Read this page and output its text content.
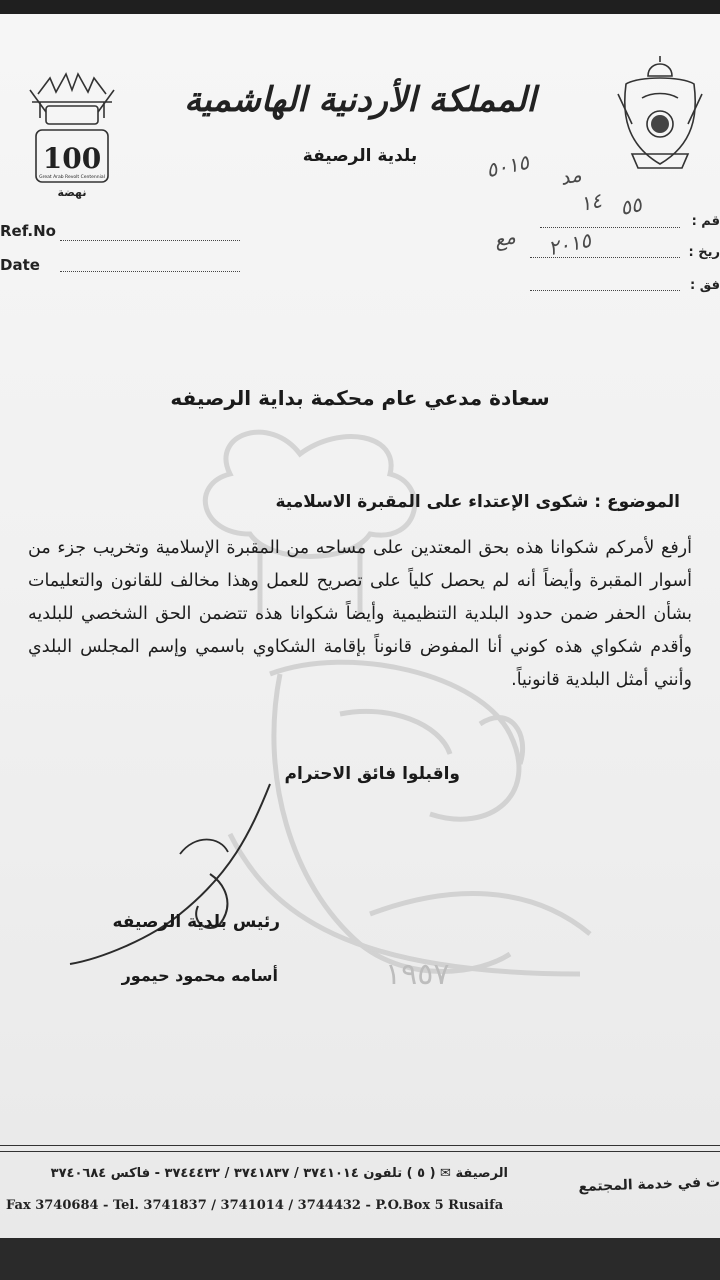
١٩٥٧
100
Great Arab Revolt Centennial
نهضة
المملكة الأردنية الهاشمية
بلدية الرصيفة
Ref.No
Date
قم :
ريخ :
فق :
٥٠١٥ مد
٥٥
١٤
٢٠١٥
مع
سعادة مدعي عام محكمة بداية الرصيفه
الموضوع : شكوى الإعتداء على المقبرة الاسلامية
أرفع لأمركم شكوانا هذه بحق المعتدين على مساحه من المقبرة الإسلامية وتخريب جزء من أسوار المقبرة وأيضاً أنه لم يحصل كلياً على تصريح للعمل وهذا مخالف للقانون والتعليمات بشأن الحفر ضمن حدود البلدية التنظيمية وأيضاً شكوانا هذه تتضمن الحق الشخصي للبلديه وأقدم شكواي هذه كوني أنا المفوض قانوناً بإقامة الشكاوي باسمي وإسم المجلس البلدي وأنني أمثل البلدية قانونياً.
واقبلوا فائق الاحترام
رئيس بلدية الرصيفه
أسامه محمود حيمور
الرصيفة ✉ ( ٥ ) تلفون ٣٧٤١٠١٤ / ٣٧٤١٨٣٧ / ٣٧٤٤٤٣٢ - فاكس ٣٧٤٠٦٨٤
ت في خدمة المجتمع
Fax 3740684 - Tel. 3741837 / 3741014 / 3744432 - P.O.Box 5 Rusaifa
